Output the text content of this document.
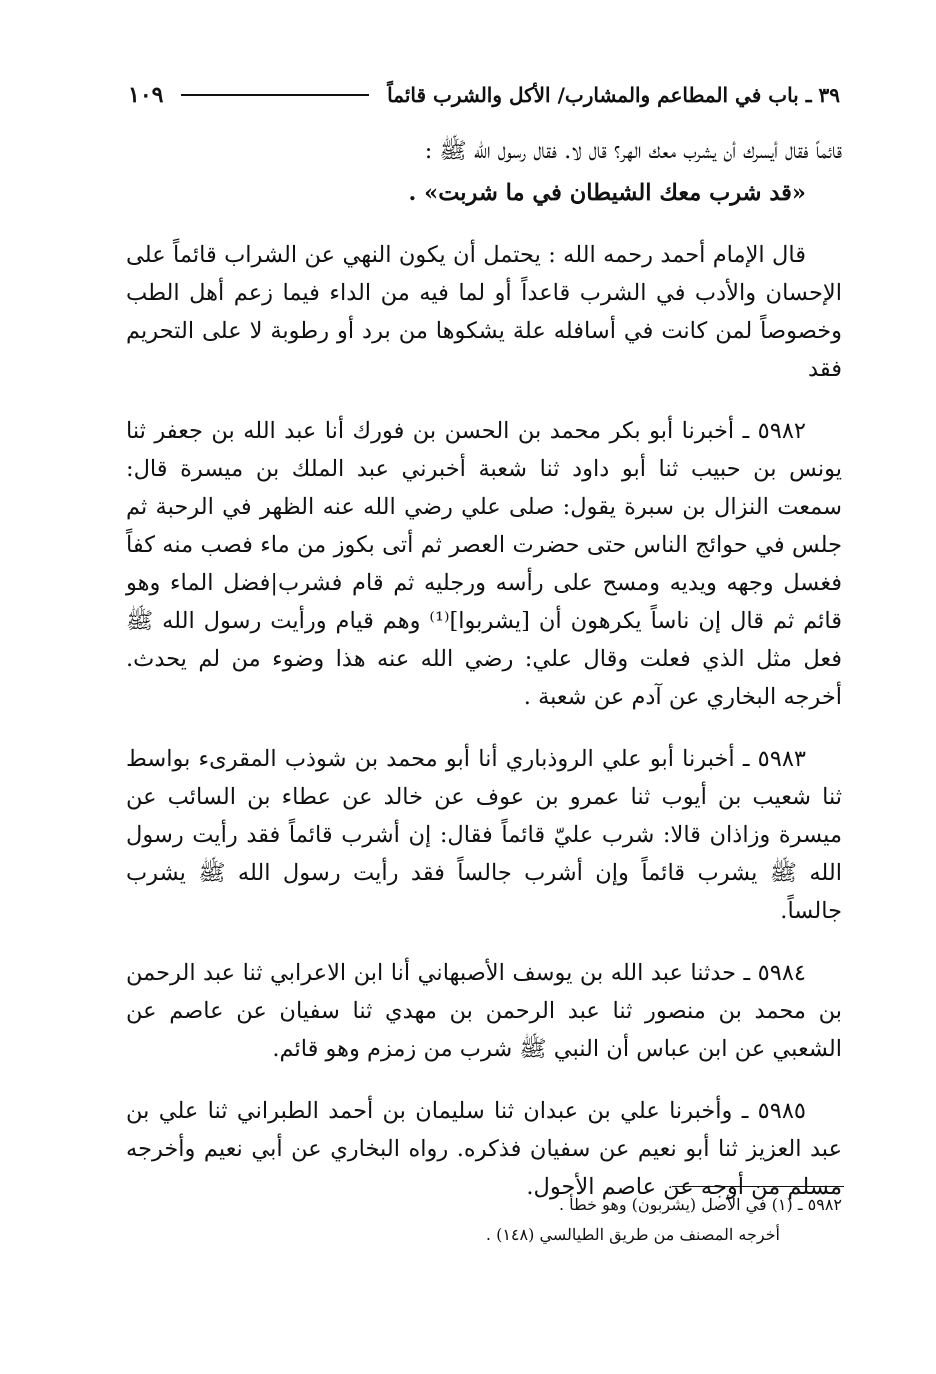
٣٩ ـ باب في المطاعم والمشارب/ الأكل والشرب قائماً
١٠٩

قائماً فقال أيسرك أن يشرب معك الهر؟ قال لا. فقال رسول الله ﷺ :

«قد شرب معك الشيطان في ما شربت» .

قال الإمام أحمد رحمه الله : يحتمل أن يكون النهي عن الشراب قائماً على الإحسان والأدب في الشرب قاعداً أو لما فيه من الداء فيما زعم أهل الطب وخصوصاً لمن كانت في أسافله علة يشكوها من برد أو رطوبة لا على التحريم فقد

٥٩٨٢ ـ أخبرنا أبو بكر محمد بن الحسن بن فورك أنا عبد الله بن جعفر ثنا يونس بن حبيب ثنا أبو داود ثنا شعبة أخبرني عبد الملك بن ميسرة قال: سمعت النزال بن سبرة يقول: صلى علي رضي الله عنه الظهر في الرحبة ثم جلس في حوائج الناس حتى حضرت العصر ثم أتى بكوز من ماء فصب منه كفاً فغسل وجهه ويديه ومسح على رأسه ورجليه ثم قام فشرب|فضل الماء وهو قائم ثم قال إن ناساً يكرهون أن [يشربوا]⁽¹⁾ وهم قيام ورأيت رسول الله ﷺ فعل مثل الذي فعلت وقال علي: رضي الله عنه هذا وضوء من لم يحدث. أخرجه البخاري عن آدم عن شعبة .

٥٩٨٣ ـ أخبرنا أبو علي الروذباري أنا أبو محمد بن شوذب المقرىء بواسط ثنا شعيب بن أيوب ثنا عمرو بن عوف عن خالد عن عطاء بن السائب عن ميسرة وزاذان قالا: شرب عليّ قائماً فقال: إن أشرب قائماً فقد رأيت رسول الله ﷺ يشرب قائماً وإن أشرب جالساً فقد رأيت رسول الله ﷺ يشرب جالساً.

٥٩٨٤ ـ حدثنا عبد الله بن يوسف الأصبهاني أنا ابن الاعرابي ثنا عبد الرحمن بن محمد بن منصور ثنا عبد الرحمن بن مهدي ثنا سفيان عن عاصم عن الشعبي عن ابن عباس أن النبي ﷺ شرب من زمزم وهو قائم.

٥٩٨٥ ـ وأخبرنا علي بن عبدان ثنا سليمان بن أحمد الطبراني ثنا علي بن عبد العزيز ثنا أبو نعيم عن سفيان فذكره. رواه البخاري عن أبي نعيم وأخرجه مسلم من أوجه عن عاصم الأحول.

٥٩٨٢ ـ (١) في الأصل (يشربون) وهو خطأ .

أخرجه المصنف من طريق الطيالسي (١٤٨) .
